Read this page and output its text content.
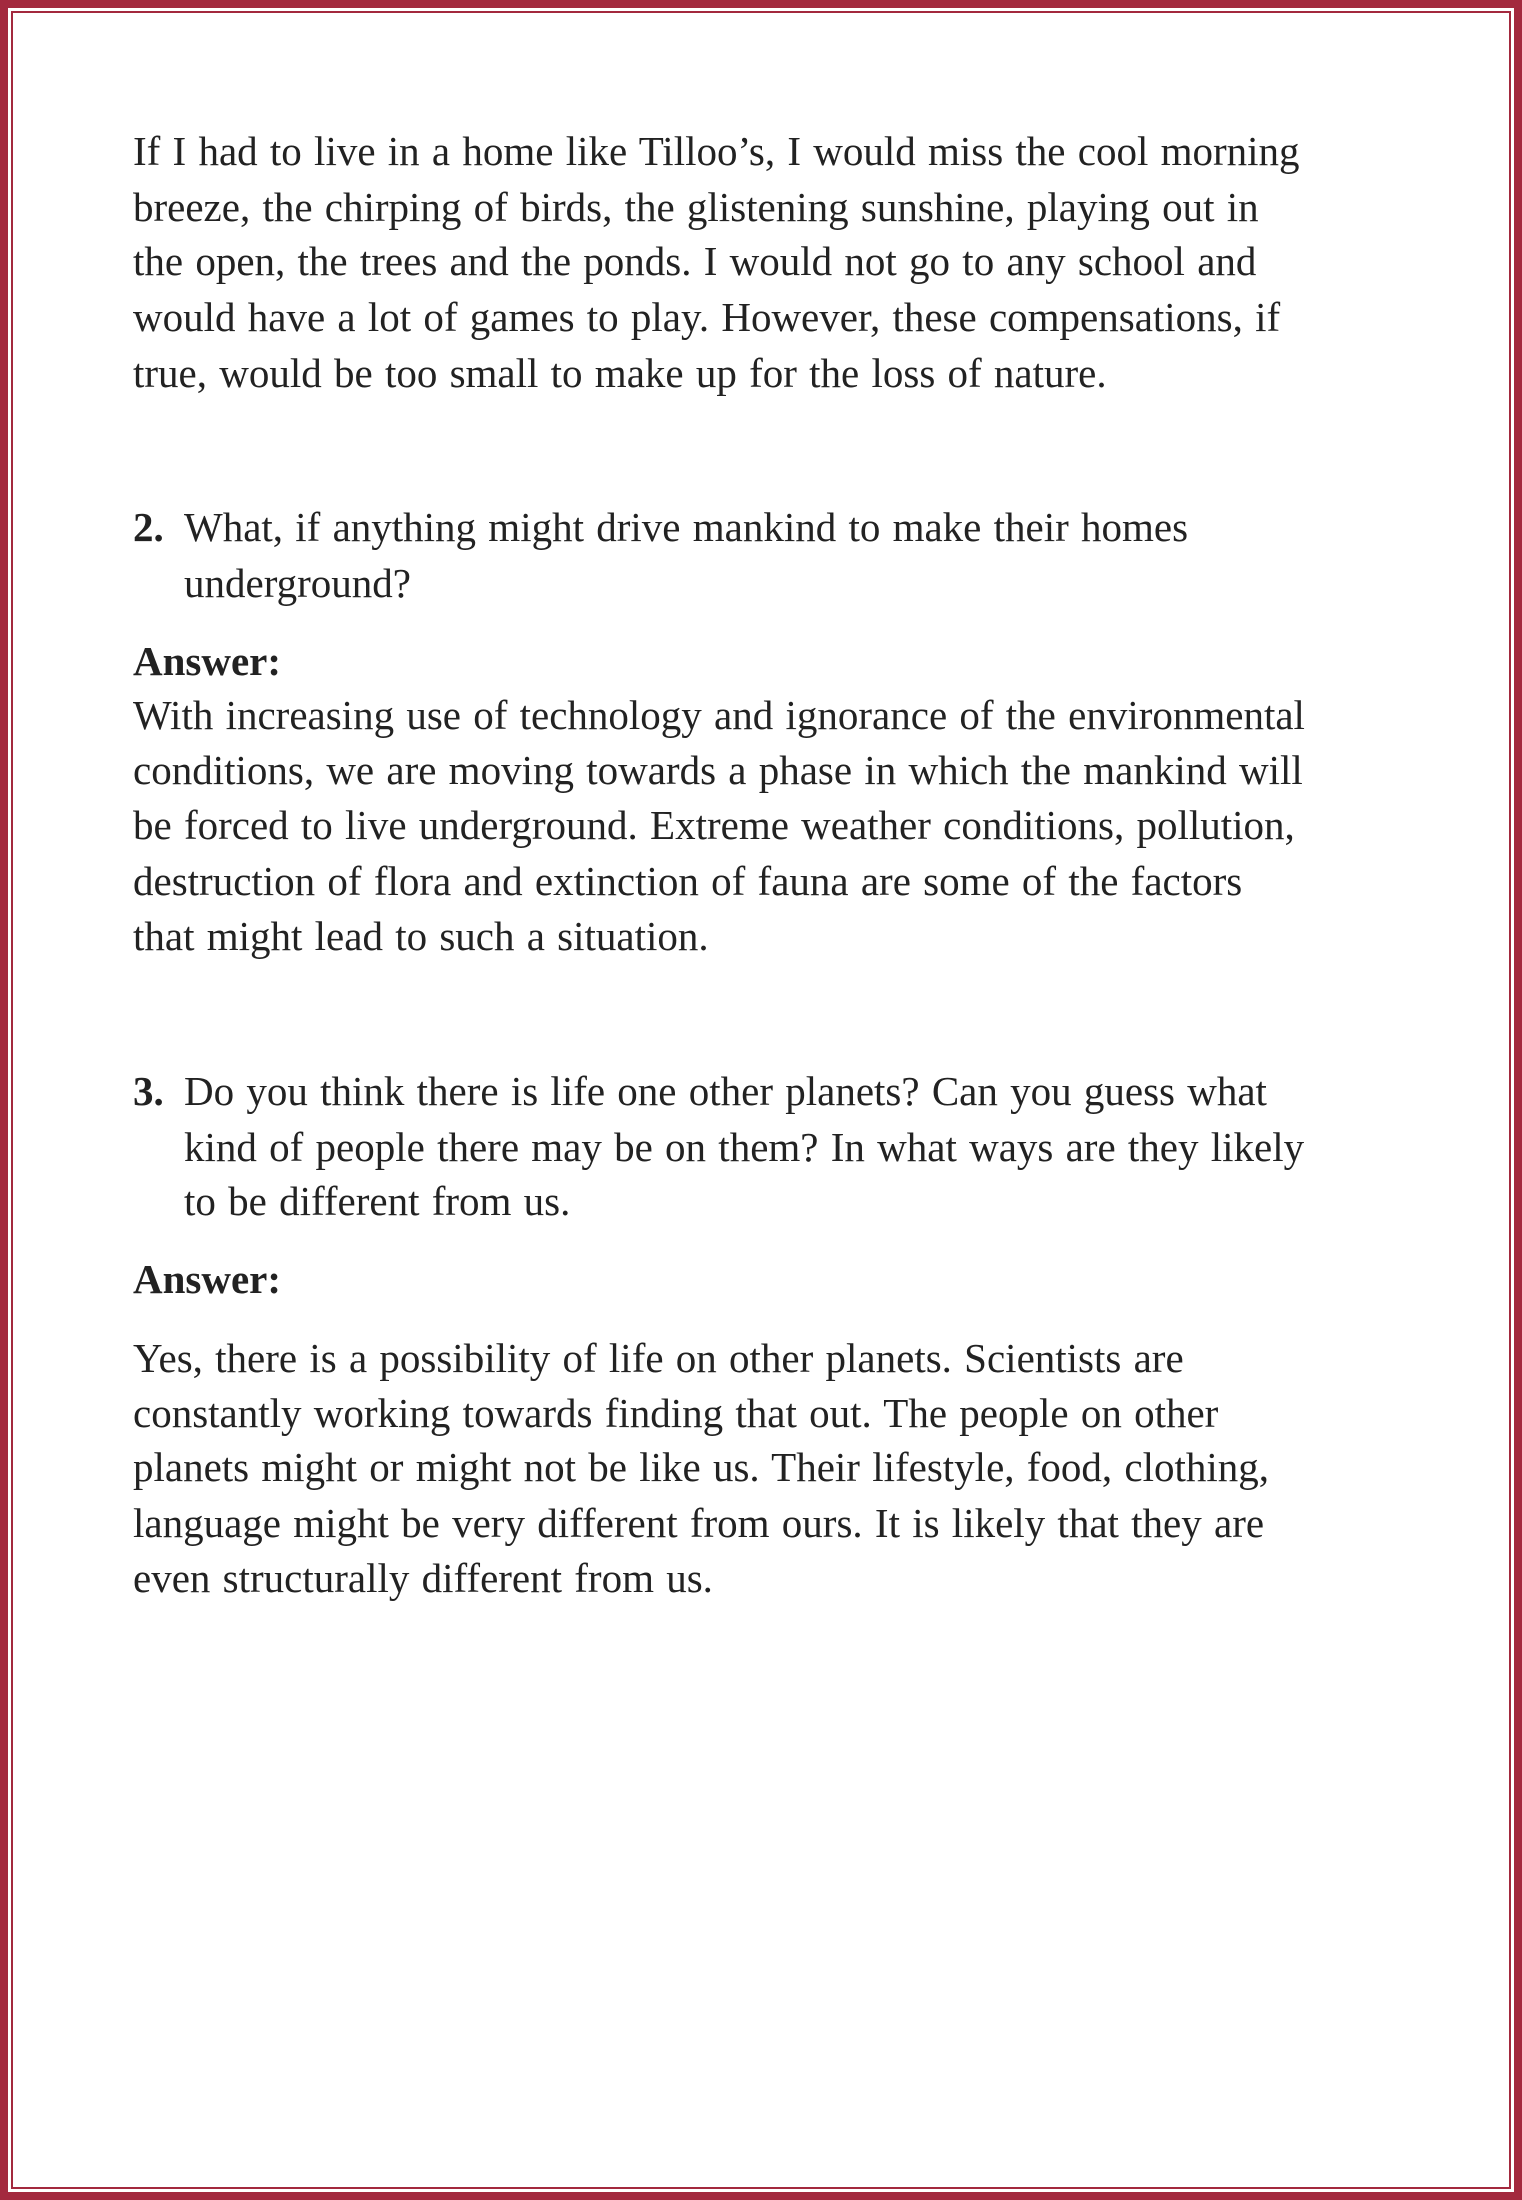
If I had to live in a home like Tilloo’s, I would miss the cool morning
breeze, the chirping of birds, the glistening sunshine, playing out in
the open, the trees and the ponds. I would not go to any school and
would have a lot of games to play. However, these compensations, if
true, would be too small to make up for the loss of nature.
2. What, if anything might drive mankind to make their homes
underground?
Answer:
With increasing use of technology and ignorance of the environmental
conditions, we are moving towards a phase in which the mankind will
be forced to live underground. Extreme weather conditions, pollution,
destruction of flora and extinction of fauna are some of the factors
that might lead to such a situation.
3. Do you think there is life one other planets? Can you guess what
kind of people there may be on them? In what ways are they likely
to be different from us.
Answer:
Yes, there is a possibility of life on other planets. Scientists are
constantly working towards finding that out. The people on other
planets might or might not be like us. Their lifestyle, food, clothing,
language might be very different from ours. It is likely that they are
even structurally different from us.
